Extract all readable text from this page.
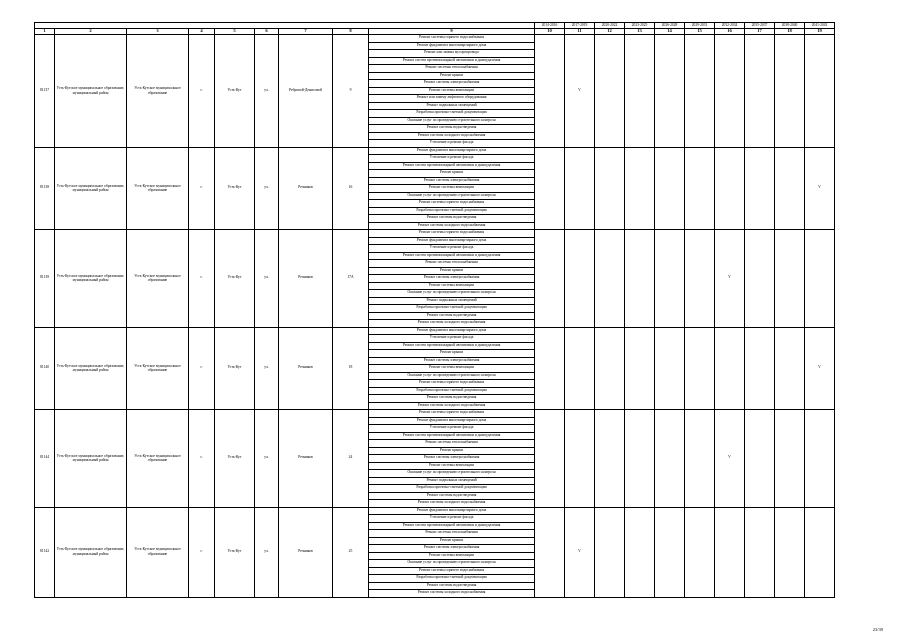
									2014-2016	2017-2019	2020-2022	2023-2025	2026-2028	2029-2031	2032-2034	2035-2037	2038-2040	2041-2043
1	2	3	4	5	6	7	8	9	10	11	12	13	14	15	16	17	18	19
81137	Усть-Кутское муниципальное образование, муниципальный район	Усть-Кутское муниципальное образование	г.	Усть-Кут	ул.	Ребровой-Денисовой	9	Ремонт системы горячего водоснабжения		V								
								Ремонт фундамента многоквартирного дома										
								Ремонт или замена мусоропровода										
								Ремонт систем противопожарной автоматики и дымоудаления										
								Ремонт системы теплоснабжения										
								Ремонт крыши										
								Ремонт системы электроснабжения										
								Ремонт системы вентиляции										
								Ремонт или замену лифтового оборудования										
								Ремонт подвальных помещений										
								Разработка проектно-сметной документации										
								Оказание услуг по проведению строительного контроля										
								Ремонт системы водоотведения										
								Ремонт системы холодного водоснабжения										
								Утепление и ремонт фасада										
81138	Усть-Кутское муниципальное образование, муниципальный район	Усть-Кутское муниципальное образование	г.	Усть-Кут	ул.	Речников	16	Ремонт фундамента многоквартирного дома										V
								Утепление и ремонт фасада										
								Ремонт систем противопожарной автоматики и дымоудаления										
								Ремонт крыши										
								Ремонт системы электроснабжения										
								Ремонт системы вентиляции										
								Оказание услуг по проведению строительного контроля										
								Ремонт системы горячего водоснабжения										
								Разработка проектно-сметной документации										
								Ремонт системы водоотведения										
								Ремонт системы холодного водоснабжения										
81139	Усть-Кутское муниципальное образование, муниципальный район	Усть-Кутское муниципальное образование	г.	Усть-Кут	ул.	Речников	17А	Ремонт системы горячего водоснабжения							V			
								Ремонт фундамента многоквартирного дома										
								Утепление и ремонт фасада										
								Ремонт систем противопожарной автоматики и дымоудаления										
								Ремонт системы теплоснабжения										
								Ремонт крыши										
								Ремонт системы электроснабжения										
								Ремонт системы вентиляции										
								Оказание услуг по проведению строительного контроля										
								Ремонт подвальных помещений										
								Разработка проектно-сметной документации										
								Ремонт системы водоотведения										
								Ремонт системы холодного водоснабжения										
81140	Усть-Кутское муниципальное образование, муниципальный район	Усть-Кутское муниципальное образование	г.	Усть-Кут	ул.	Речников	18	Ремонт фундамента многоквартирного дома										V
								Утепление и ремонт фасада										
								Ремонт систем противопожарной автоматики и дымоудаления										
								Ремонт крыши										
								Ремонт системы электроснабжения										
								Ремонт системы вентиляции										
								Оказание услуг по проведению строительного контроля										
								Ремонт системы горячего водоснабжения										
								Разработка проектно-сметной документации										
								Ремонт системы водоотведения										
								Ремонт системы холодного водоснабжения										
81144	Усть-Кутское муниципальное образование, муниципальный район	Усть-Кутское муниципальное образование	г.	Усть-Кут	ул.	Речников	24	Ремонт системы горячего водоснабжения							V			
								Ремонт фундамента многоквартирного дома										
								Утепление и ремонт фасада										
								Ремонт систем противопожарной автоматики и дымоудаления										
								Ремонт системы теплоснабжения										
								Ремонт крыши										
								Ремонт системы электроснабжения										
								Ремонт системы вентиляции										
								Оказание услуг по проведению строительного контроля										
								Ремонт подвальных помещений										
								Разработка проектно-сметной документации										
								Ремонт системы водоотведения										
								Ремонт системы холодного водоснабжения										
81142	Усть-Кутское муниципальное образование, муниципальный район	Усть-Кутское муниципальное образование	г.	Усть-Кут	ул.	Речников	25	Ремонт фундамента многоквартирного дома		V								
								Утепление и ремонт фасада										
								Ремонт систем противопожарной автоматики и дымоудаления										
								Ремонт системы теплоснабжения										
								Ремонт крыши										
								Ремонт системы электроснабжения										
								Ремонт системы вентиляции										
								Оказание услуг по проведению строительного контроля										
								Ремонт системы горячего водоснабжения										
								Разработка проектно-сметной документации										
								Ремонт системы водоотведения										
								Ремонт системы холодного водоснабжения										
23/39
